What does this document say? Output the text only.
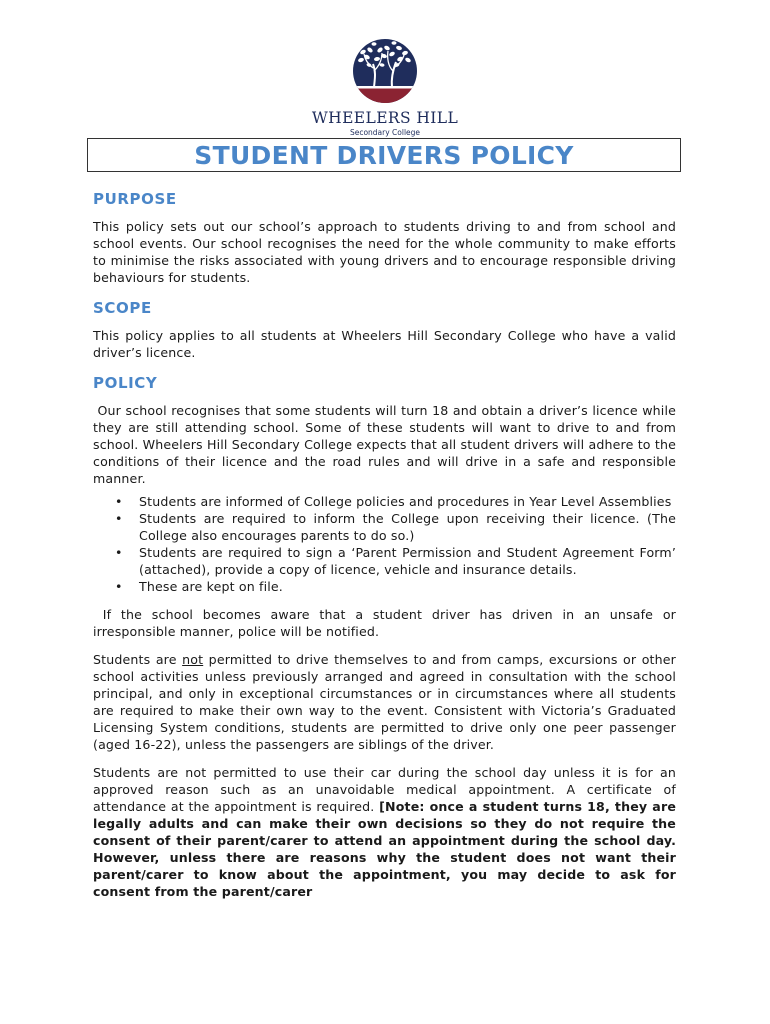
WHEELERS HILL
Secondary College
STUDENT DRIVERS POLICY
PURPOSE

This policy sets out our school’s approach to students driving to and from school and school events. Our school recognises the need for the whole community to make efforts to minimise the risks associated with young drivers and to encourage responsible driving behaviours for students.

SCOPE

This policy applies to all students at Wheelers Hill Secondary College who have a valid driver’s licence.

POLICY

Our school recognises that some students will turn 18 and obtain a driver’s licence while they are still attending school. Some of these students will want to drive to and from school. Wheelers Hill Secondary College expects that all student drivers will adhere to the conditions of their licence and the road rules and will drive in a safe and responsible manner.

• Students are informed of College policies and procedures in Year Level Assemblies
• Students are required to inform the College upon receiving their licence. (The College also encourages parents to do so.)
• Students are required to sign a ‘Parent Permission and Student Agreement Form’ (attached), provide a copy of licence, vehicle and insurance details.
• These are kept on file.

If the school becomes aware that a student driver has driven in an unsafe or irresponsible manner, police will be notified.

Students are not permitted to drive themselves to and from camps, excursions or other school activities unless previously arranged and agreed in consultation with the school principal, and only in exceptional circumstances or in circumstances where all students are required to make their own way to the event. Consistent with Victoria’s Graduated Licensing System conditions, students are permitted to drive only one peer passenger (aged 16-22), unless the passengers are siblings of the driver.

Students are not permitted to use their car during the school day unless it is for an approved reason such as an unavoidable medical appointment. A certificate of attendance at the appointment is required. [Note: once a student turns 18, they are legally adults and can make their own decisions so they do not require the consent of their parent/carer to attend an appointment during the school day. However, unless there are reasons why the student does not want their parent/carer to know about the appointment, you may decide to ask for consent from the parent/carer
